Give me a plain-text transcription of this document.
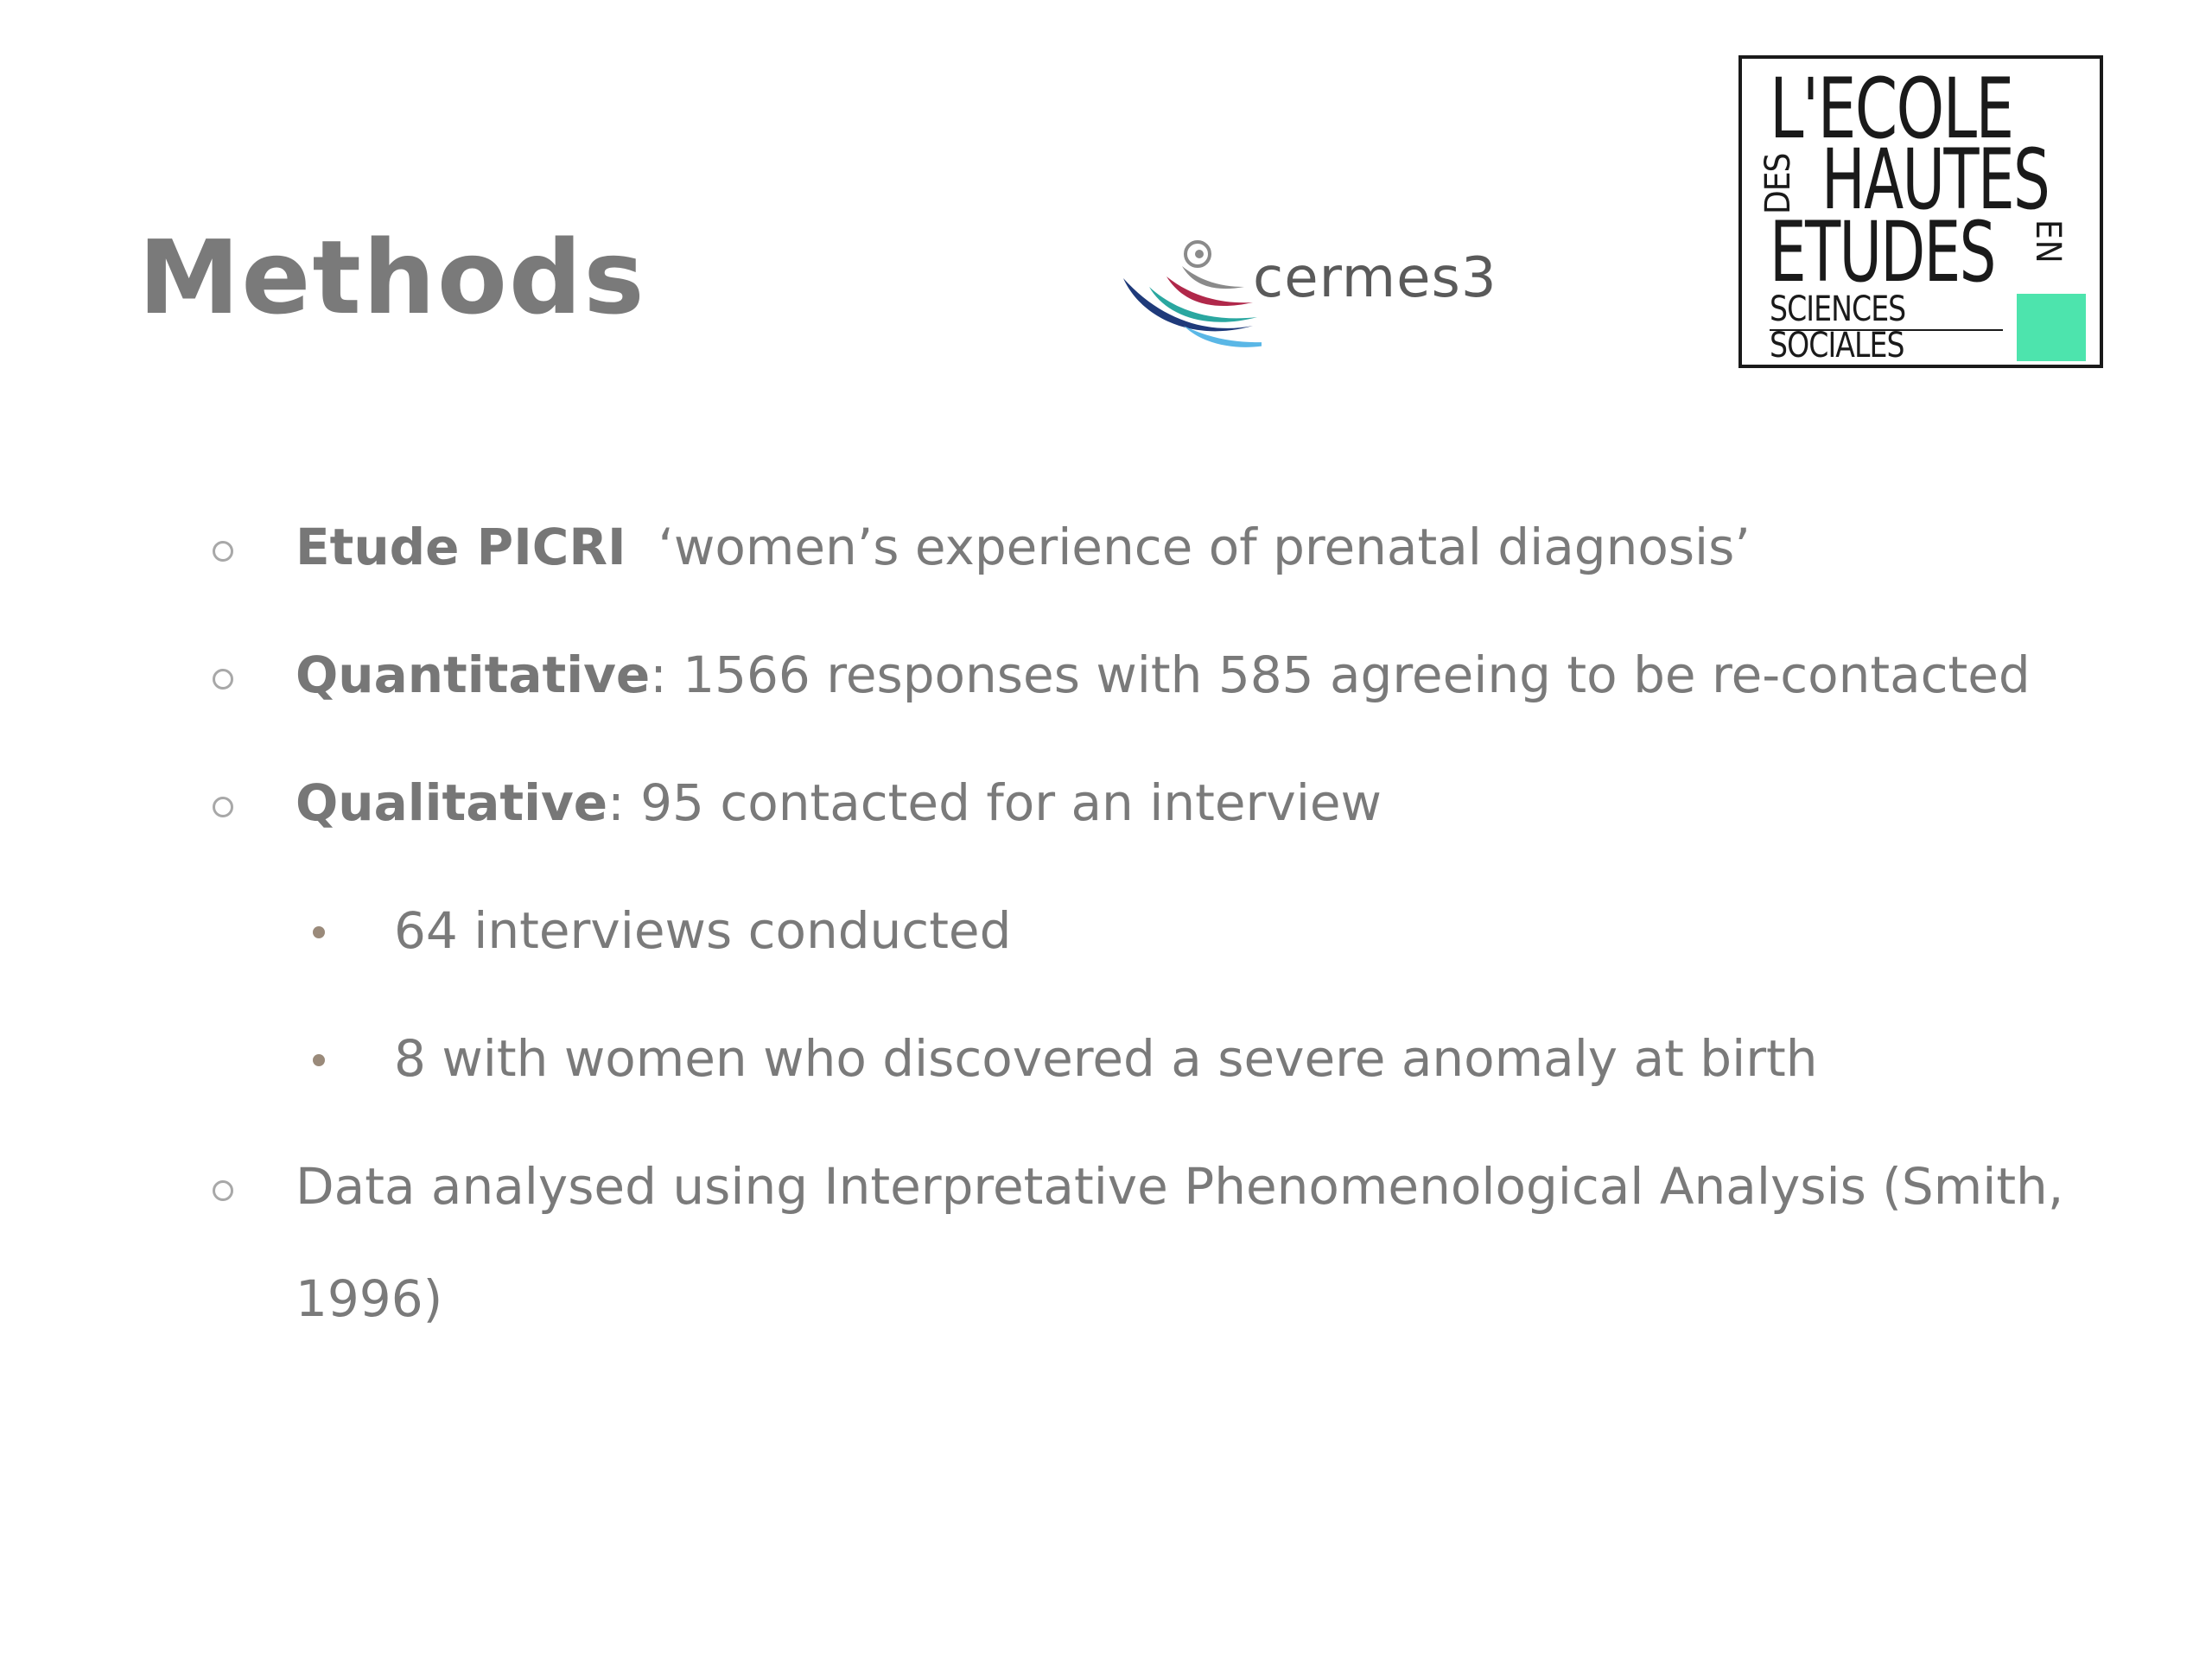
Methods	cermes3
L'ECOLE
DES HAUTES
ETUDES EN
SCIENCES
SOCIALES
Etude PICRI  ‘women’s experience of prenatal diagnosis’
Quantitative: 1566 responses with 585 agreeing to be re-contacted
Qualitative: 95 contacted for an interview
64 interviews conducted
8 with women who discovered a severe anomaly at birth
Data analysed using Interpretative Phenomenological Analysis (Smith,
1996)
